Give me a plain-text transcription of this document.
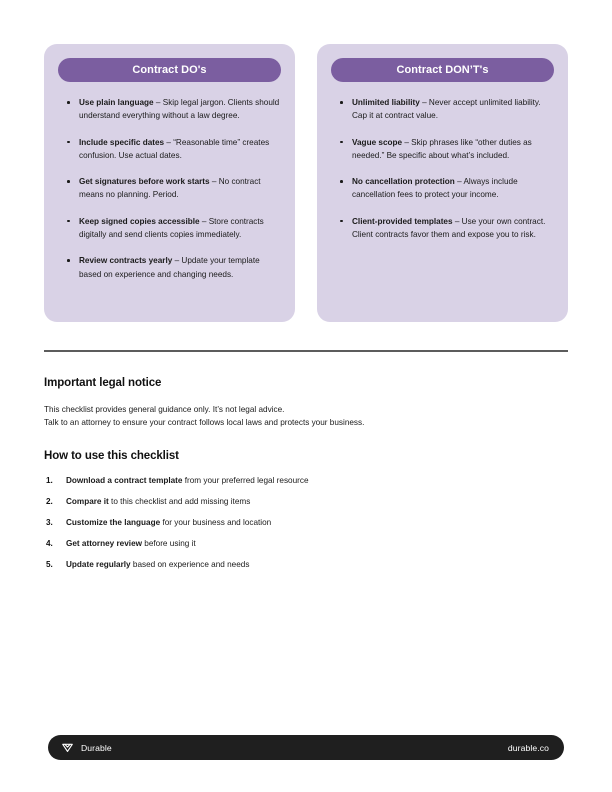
Contract DO's
Use plain language – Skip legal jargon. Clients should understand everything without a law degree.
Include specific dates – “Reasonable time” creates confusion. Use actual dates.
Get signatures before work starts – No contract means no planning. Period.
Keep signed copies accessible – Store contracts digitally and send clients copies immediately.
Review contracts yearly – Update your template based on experience and changing needs.
Contract DON’T's
Unlimited liability – Never accept unlimited liability. Cap it at contract value.
Vague scope – Skip phrases like “other duties as needed.” Be specific about what’s included.
No cancellation protection – Always include cancellation fees to protect your income.
Client-provided templates – Use your own contract. Client contracts favor them and expose you to risk.
Important legal notice
This checklist provides general guidance only. It’s not legal advice.
Talk to an attorney to ensure your contract follows local laws and protects your business.
How to use this checklist
1. Download a contract template from your preferred legal resource
2. Compare it to this checklist and add missing items
3. Customize the language for your business and location
4. Get attorney review before using it
5. Update regularly based on experience and needs
Durable	durable.co
